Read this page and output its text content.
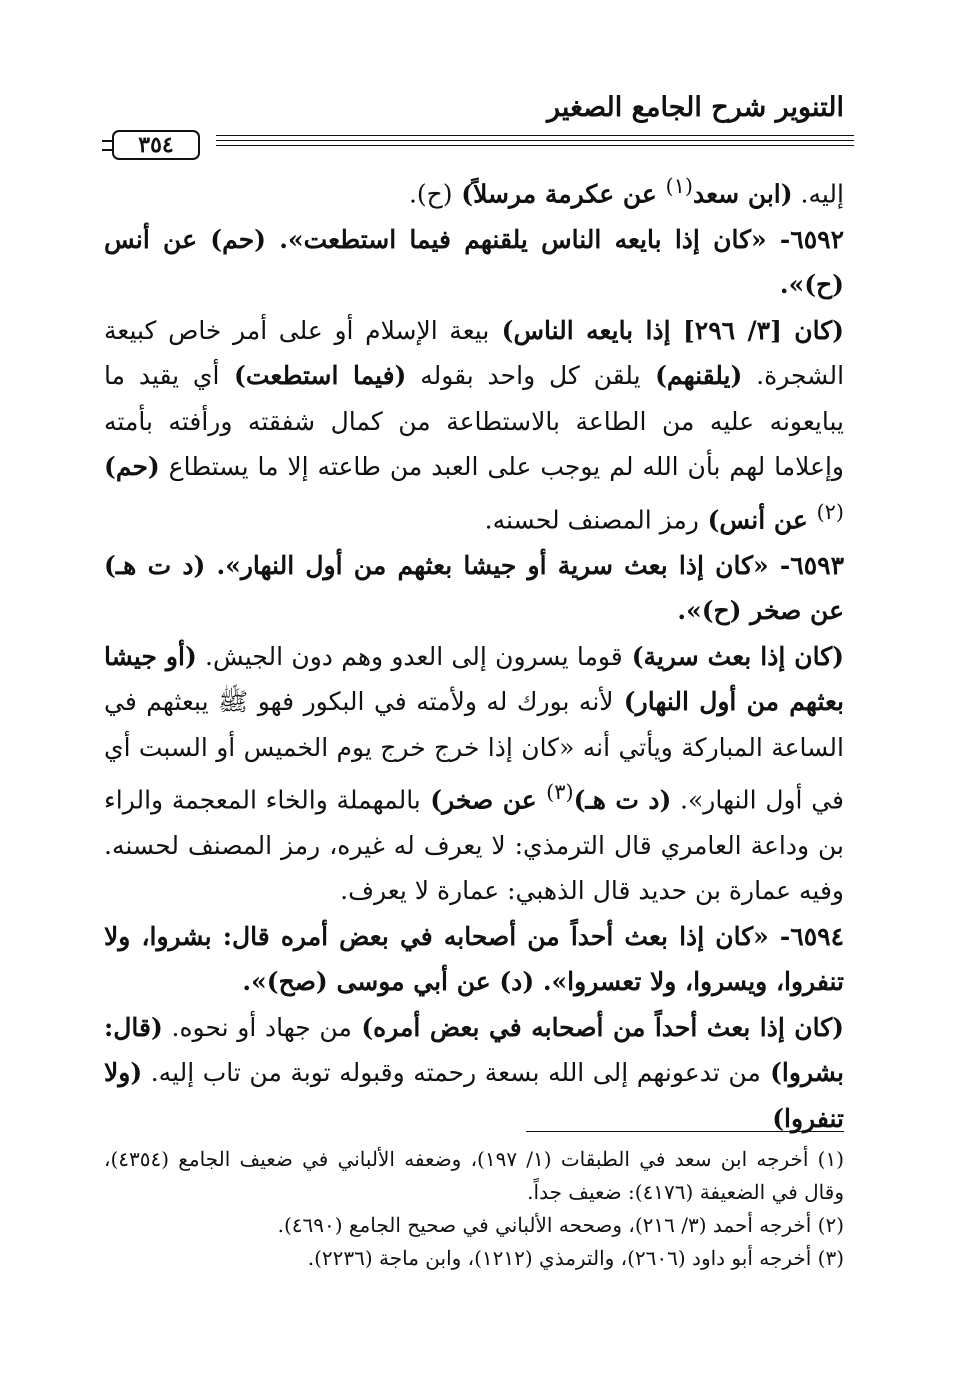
التنوير شرح الجامع الصغير
٣٥٤

إليه. (ابن سعد$^{(١)}$ عن عكرمة مرسلاً) (ح).

٦٥٩٢- «كان إذا بايعه الناس يلقنهم فيما استطعت». (حم) عن أنس (ح)».

(كان [٣/ ٢٩٦] إذا بايعه الناس) بيعة الإسلام أو على أمر خاص كبيعة الشجرة. (يلقنهم) يلقن كل واحد بقوله (فيما استطعت) أي يقيد ما يبايعونه عليه من الطاعة بالاستطاعة من كمال شفقته ورأفته بأمته وإعلاما لهم بأن الله لم يوجب على العبد من طاعته إلا ما يستطاع (حم)$^{(٢)}$ عن أنس) رمز المصنف لحسنه.

٦٥٩٣- «كان إذا بعث سرية أو جيشا بعثهم من أول النهار». (د ت هـ) عن صخر (ح)».

(كان إذا بعث سرية) قوما يسرون إلى العدو وهم دون الجيش. (أو جيشا بعثهم من أول النهار) لأنه بورك له ولأمته في البكور فهو ﷺ يبعثهم في الساعة المباركة ويأتي أنه «كان إذا خرج خرج يوم الخميس أو السبت أي في أول النهار». (د ت هـ)$^{(٣)}$ عن صخر) بالمهملة والخاء المعجمة والراء بن وداعة العامري قال الترمذي: لا يعرف له غيره، رمز المصنف لحسنه. وفيه عمارة بن حديد قال الذهبي: عمارة لا يعرف.

٦٥٩٤- «كان إذا بعث أحداً من أصحابه في بعض أمره قال: بشروا، ولا تنفروا، ويسروا، ولا تعسروا». (د) عن أبي موسى (صح)».

(كان إذا بعث أحداً من أصحابه في بعض أمره) من جهاد أو نحوه. (قال: بشروا) من تدعونهم إلى الله بسعة رحمته وقبوله توبة من تاب إليه. (ولا تنفروا)

(١) أخرجه ابن سعد في الطبقات (١/ ١٩٧)، وضعفه الألباني في ضعيف الجامع (٤٣٥٤)، وقال في الضعيفة (٤١٧٦): ضعيف جداً.

(٢) أخرجه أحمد (٣/ ٢١٦)، وصححه الألباني في صحيح الجامع (٤٦٩٠).

(٣) أخرجه أبو داود (٢٦٠٦)، والترمذي (١٢١٢)، وابن ماجة (٢٢٣٦).
